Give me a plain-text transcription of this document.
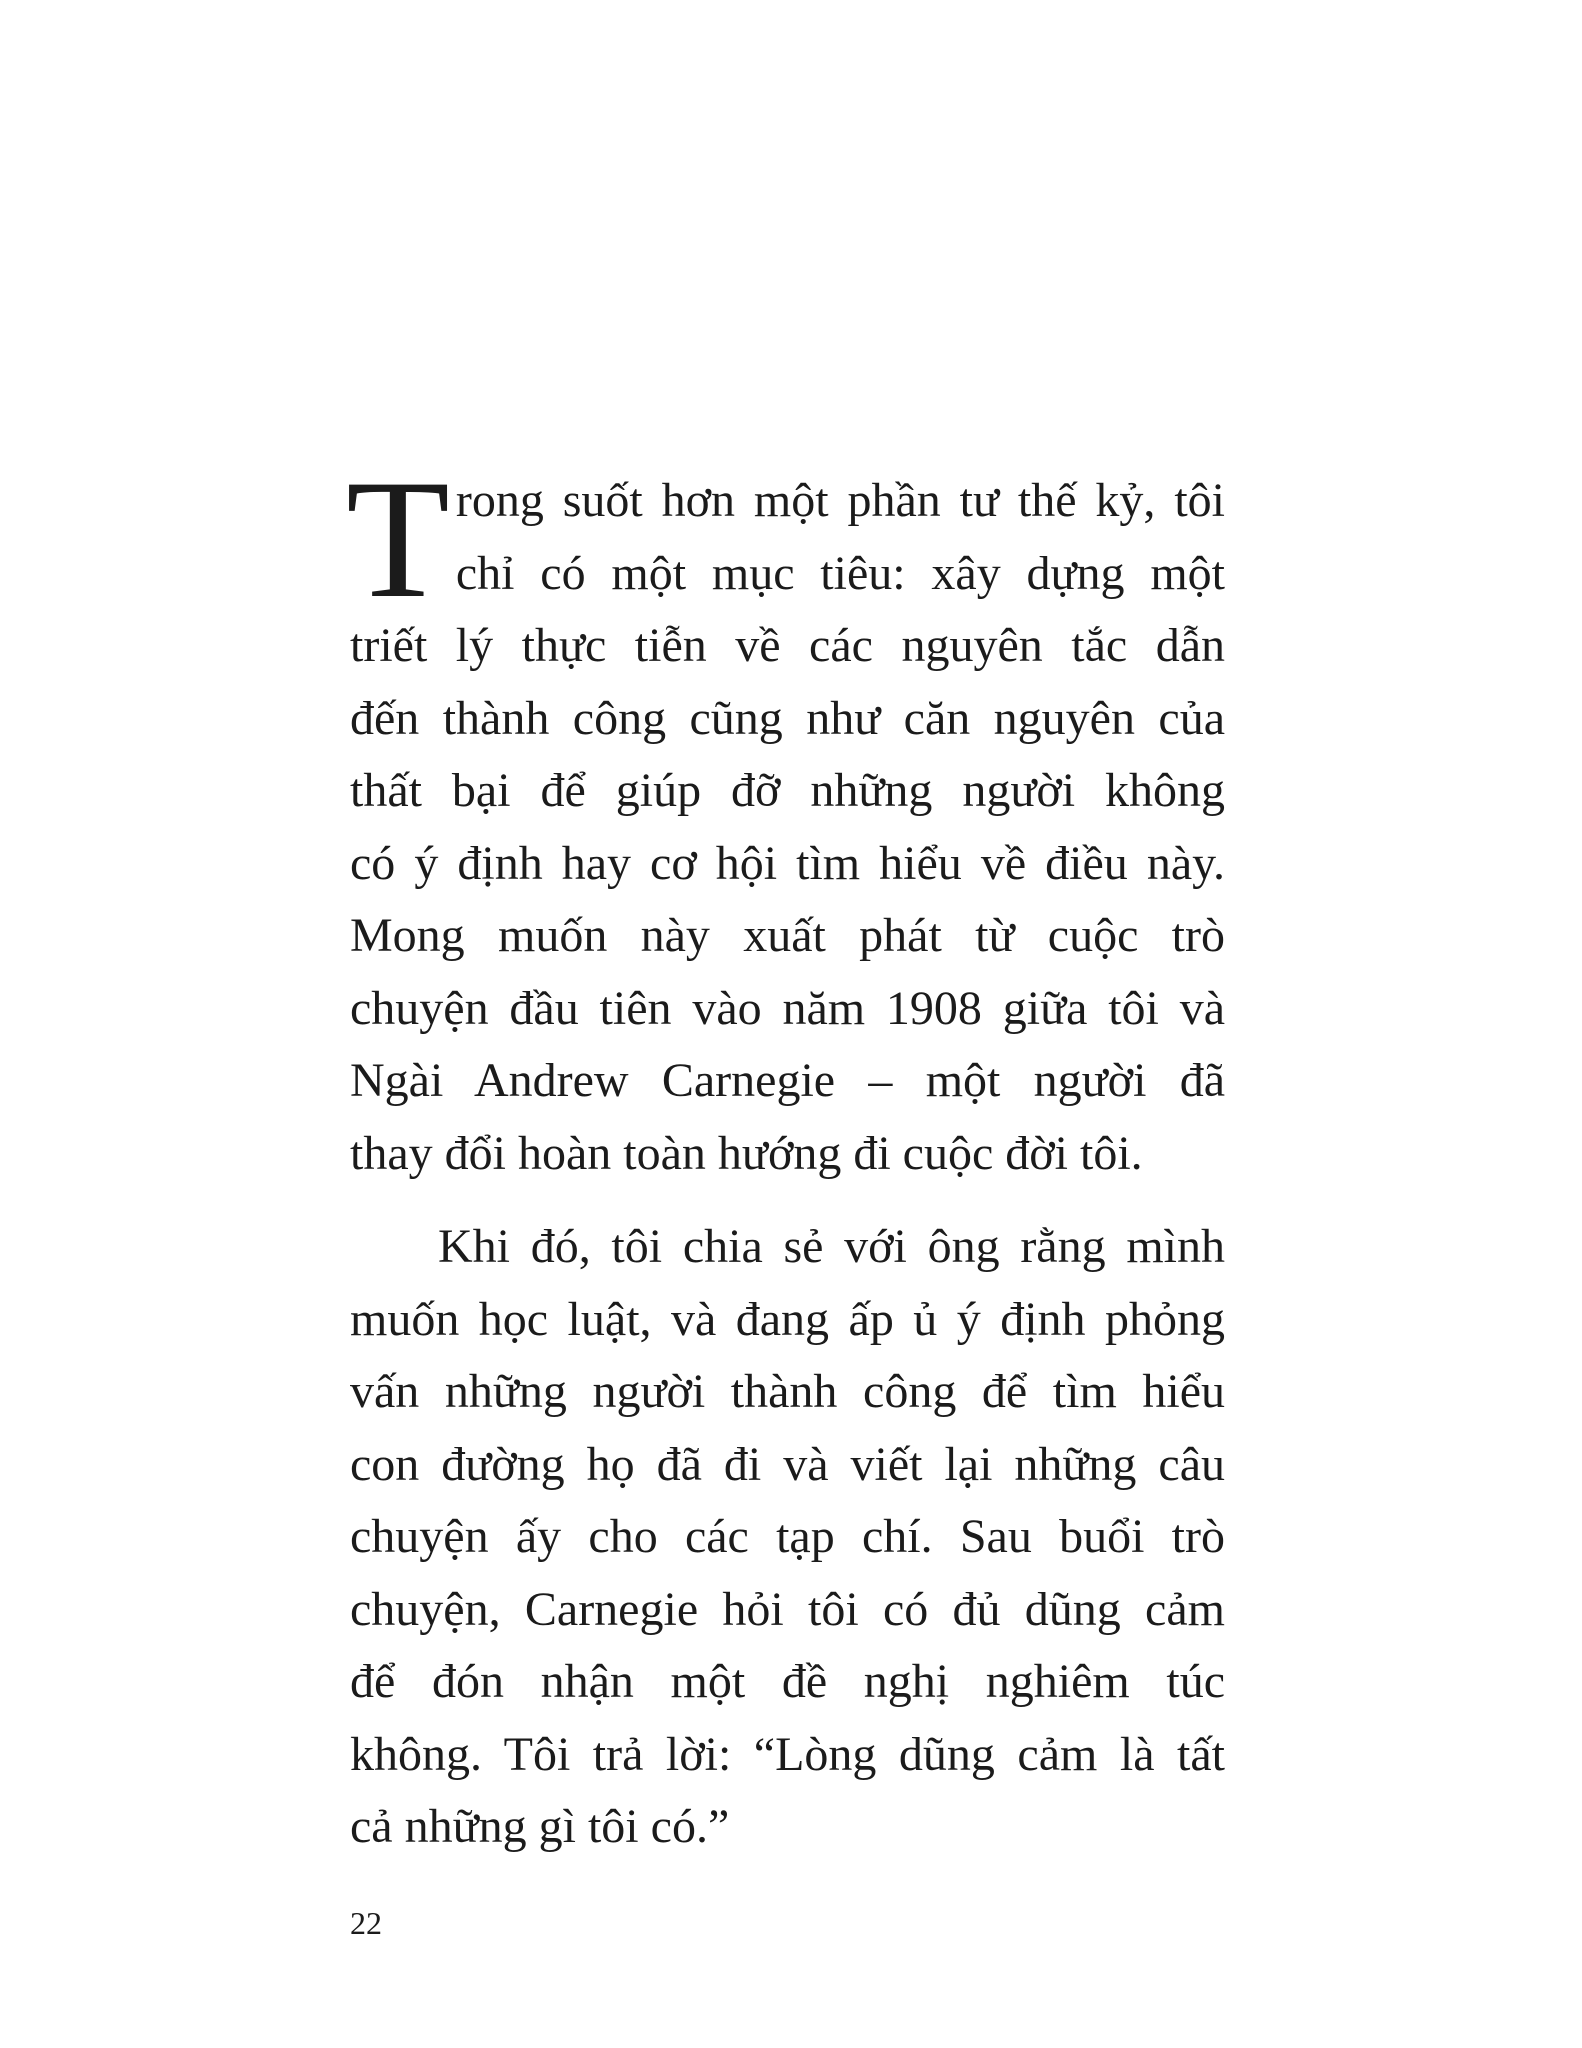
T rong suốt hơn một phần tư thế kỷ, tôi
chỉ có một mục tiêu: xây dựng một
triết lý thực tiễn về các nguyên tắc dẫn
đến thành công cũng như căn nguyên của
thất bại để giúp đỡ những người không
có ý định hay cơ hội tìm hiểu về điều này.
Mong muốn này xuất phát từ cuộc trò
chuyện đầu tiên vào năm 1908 giữa tôi và
Ngài Andrew Carnegie – một người đã
thay đổi hoàn toàn hướng đi cuộc đời tôi.
Khi đó, tôi chia sẻ với ông rằng mình
muốn học luật, và đang ấp ủ ý định phỏng
vấn những người thành công để tìm hiểu
con đường họ đã đi và viết lại những câu
chuyện ấy cho các tạp chí. Sau buổi trò
chuyện, Carnegie hỏi tôi có đủ dũng cảm
để đón nhận một đề nghị nghiêm túc
không. Tôi trả lời: “Lòng dũng cảm là tất
cả những gì tôi có.”
22
